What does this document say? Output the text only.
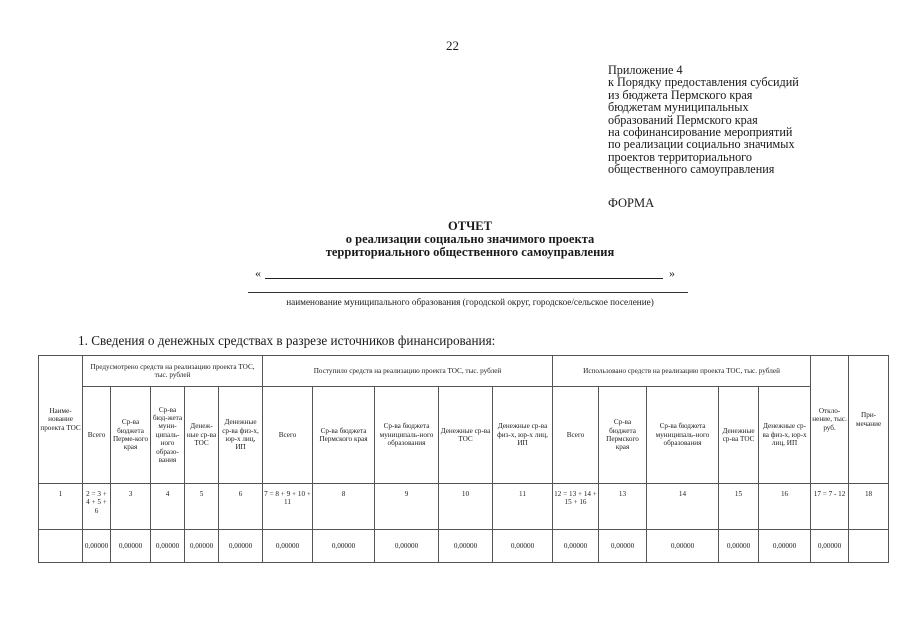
22
Приложение 4
к Порядку предоставления субсидий
из бюджета Пермского края
бюджетам муниципальных
образований Пермского края
на софинансирование мероприятий
по реализации социально значимых
проектов территориального
общественного самоуправления
ФОРМА
ОТЧЕТ
о реализации социально значимого проекта
территориального общественного самоуправления
«	»
наименование муниципального образования (городской округ, городское/сельское поселение)
1. Сведения о денежных средствах в разрезе источников финансирования:
Наиме-нование проекта ТОС	Предусмотрено средств на реализацию проекта ТОС, тыс. рублей					Поступило средств на реализацию проекта ТОС, тыс. рублей					Использовано средств на реализацию проекта ТОС, тыс. рублей					Откло-нение, тыс. руб.	При-мечание
	Всего	Ср-ва бюджета Перме-кого края	Ср-ва бюд-жета муни-ципаль-ного образо-вания	Денеж-ные ср-ва ТОС	Денежные ср-ва физ-х, юр-х лиц, ИП	Всего	Ср-ва бюджета Пермского края	Ср-ва бюджета муниципаль-ного образования	Денежные ср-ва ТОС	Денежные ср-ва физ-х, юр-х лиц, ИП	Всего	Ср-ва бюджета Пермского края	Ср-ва бюджета муниципаль-ного образования	Денежные ср-ва ТОС	Денежные ср-ва физ-х, юр-х лиц, ИП		
1	2 = 3 + 4 + 5 + 6	3	4	5	6	7 = 8 + 9 + 10 + 11	8	9	10	11	12 = 13 + 14 + 15 + 16	13	14	15	16	17 = 7 - 12	18
	0,00000	0,00000	0,00000	0,00000	0,00000	0,00000	0,00000	0,00000	0,00000	0,00000	0,00000	0,00000	0,00000	0,00000	0,00000	0,00000	
